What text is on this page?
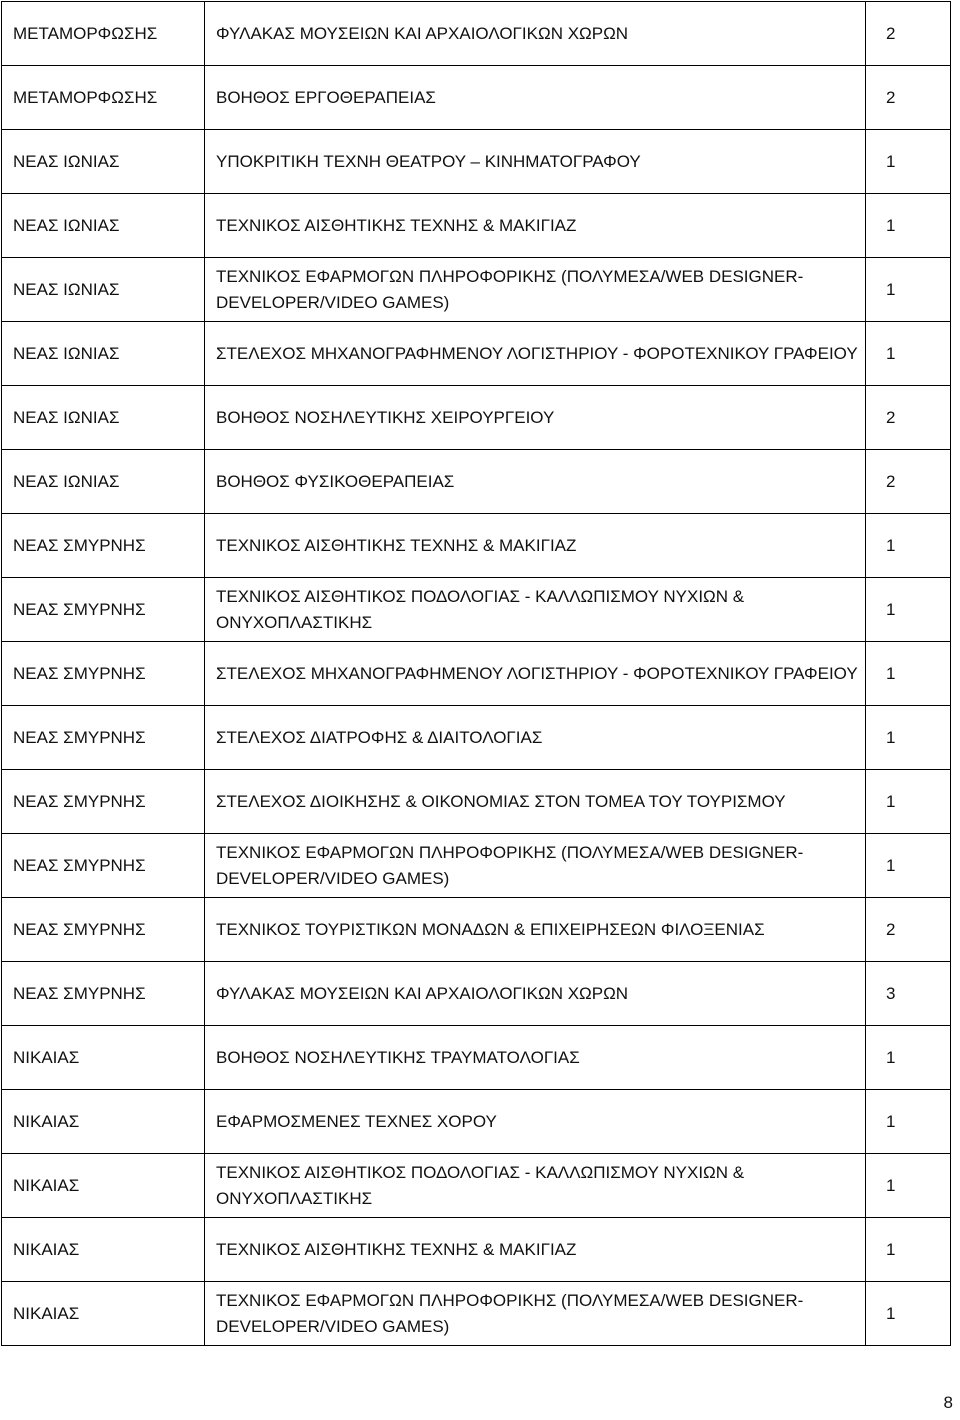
ΜΕΤΑΜΟΡΦΩΣΗΣ	ΦΥΛΑΚΑΣ ΜΟΥΣΕΙΩΝ ΚΑΙ ΑΡΧΑΙΟΛΟΓΙΚΩΝ ΧΩΡΩΝ	2
ΜΕΤΑΜΟΡΦΩΣΗΣ	ΒΟΗΘΟΣ ΕΡΓΟΘΕΡΑΠΕΙΑΣ	2
ΝΕΑΣ ΙΩΝΙΑΣ	ΥΠΟΚΡΙΤΙΚΗ ΤΕΧΝΗ ΘΕΑΤΡΟΥ – ΚΙΝΗΜΑΤΟΓΡΑΦΟΥ	1
ΝΕΑΣ ΙΩΝΙΑΣ	ΤΕΧΝΙΚΟΣ ΑΙΣΘΗΤΙΚΗΣ ΤΕΧΝΗΣ & ΜΑΚΙΓΙΑΖ	1
ΝΕΑΣ ΙΩΝΙΑΣ	ΤΕΧΝΙΚΟΣ ΕΦΑΡΜΟΓΩΝ ΠΛΗΡΟΦΟΡΙΚΗΣ (ΠΟΛΥΜΕΣΑ/WEB DESIGNER-DEVELOPER/VIDEO GAMES)	1
ΝΕΑΣ ΙΩΝΙΑΣ	ΣΤΕΛΕΧΟΣ ΜΗΧΑΝΟΓΡΑΦΗΜΕΝΟΥ ΛΟΓΙΣΤΗΡΙΟΥ - ΦΟΡΟΤΕΧΝΙΚΟΥ ΓΡΑΦΕΙΟΥ	1
ΝΕΑΣ ΙΩΝΙΑΣ	ΒΟΗΘΟΣ ΝΟΣΗΛΕΥΤΙΚΗΣ ΧΕΙΡΟΥΡΓΕΙΟΥ	2
ΝΕΑΣ ΙΩΝΙΑΣ	ΒΟΗΘΟΣ ΦΥΣΙΚΟΘΕΡΑΠΕΙΑΣ	2
ΝΕΑΣ ΣΜΥΡΝΗΣ	ΤΕΧΝΙΚΟΣ ΑΙΣΘΗΤΙΚΗΣ ΤΕΧΝΗΣ & ΜΑΚΙΓΙΑΖ	1
ΝΕΑΣ ΣΜΥΡΝΗΣ	ΤΕΧΝΙΚΟΣ ΑΙΣΘΗΤΙΚΟΣ ΠΟΔΟΛΟΓΙΑΣ - ΚΑΛΛΩΠΙΣΜΟΥ ΝΥΧΙΩΝ & ΟΝΥΧΟΠΛΑΣΤΙΚΗΣ	1
ΝΕΑΣ ΣΜΥΡΝΗΣ	ΣΤΕΛΕΧΟΣ ΜΗΧΑΝΟΓΡΑΦΗΜΕΝΟΥ ΛΟΓΙΣΤΗΡΙΟΥ - ΦΟΡΟΤΕΧΝΙΚΟΥ ΓΡΑΦΕΙΟΥ	1
ΝΕΑΣ ΣΜΥΡΝΗΣ	ΣΤΕΛΕΧΟΣ ΔΙΑΤΡΟΦΗΣ & ΔΙΑΙΤΟΛΟΓΙΑΣ	1
ΝΕΑΣ ΣΜΥΡΝΗΣ	ΣΤΕΛΕΧΟΣ ΔΙΟΙΚΗΣΗΣ & ΟΙΚΟΝΟΜΙΑΣ ΣΤΟΝ ΤΟΜΕΑ ΤΟΥ ΤΟΥΡΙΣΜΟΥ	1
ΝΕΑΣ ΣΜΥΡΝΗΣ	ΤΕΧΝΙΚΟΣ ΕΦΑΡΜΟΓΩΝ ΠΛΗΡΟΦΟΡΙΚΗΣ (ΠΟΛΥΜΕΣΑ/WEB DESIGNER-DEVELOPER/VIDEO GAMES)	1
ΝΕΑΣ ΣΜΥΡΝΗΣ	ΤΕΧΝΙΚΟΣ ΤΟΥΡΙΣΤΙΚΩΝ ΜΟΝΑΔΩΝ & ΕΠΙΧΕΙΡΗΣΕΩΝ ΦΙΛΟΞΕΝΙΑΣ	2
ΝΕΑΣ ΣΜΥΡΝΗΣ	ΦΥΛΑΚΑΣ ΜΟΥΣΕΙΩΝ ΚΑΙ ΑΡΧΑΙΟΛΟΓΙΚΩΝ ΧΩΡΩΝ	3
ΝΙΚΑΙΑΣ	ΒΟΗΘΟΣ ΝΟΣΗΛΕΥΤΙΚΗΣ ΤΡΑΥΜΑΤΟΛΟΓΙΑΣ	1
ΝΙΚΑΙΑΣ	ΕΦΑΡΜΟΣΜΕΝΕΣ ΤΕΧΝΕΣ ΧΟΡΟΥ	1
ΝΙΚΑΙΑΣ	ΤΕΧΝΙΚΟΣ ΑΙΣΘΗΤΙΚΟΣ ΠΟΔΟΛΟΓΙΑΣ - ΚΑΛΛΩΠΙΣΜΟΥ ΝΥΧΙΩΝ & ΟΝΥΧΟΠΛΑΣΤΙΚΗΣ	1
ΝΙΚΑΙΑΣ	ΤΕΧΝΙΚΟΣ ΑΙΣΘΗΤΙΚΗΣ ΤΕΧΝΗΣ & ΜΑΚΙΓΙΑΖ	1
ΝΙΚΑΙΑΣ	ΤΕΧΝΙΚΟΣ ΕΦΑΡΜΟΓΩΝ ΠΛΗΡΟΦΟΡΙΚΗΣ (ΠΟΛΥΜΕΣΑ/WEB DESIGNER-DEVELOPER/VIDEO GAMES)	1
8
